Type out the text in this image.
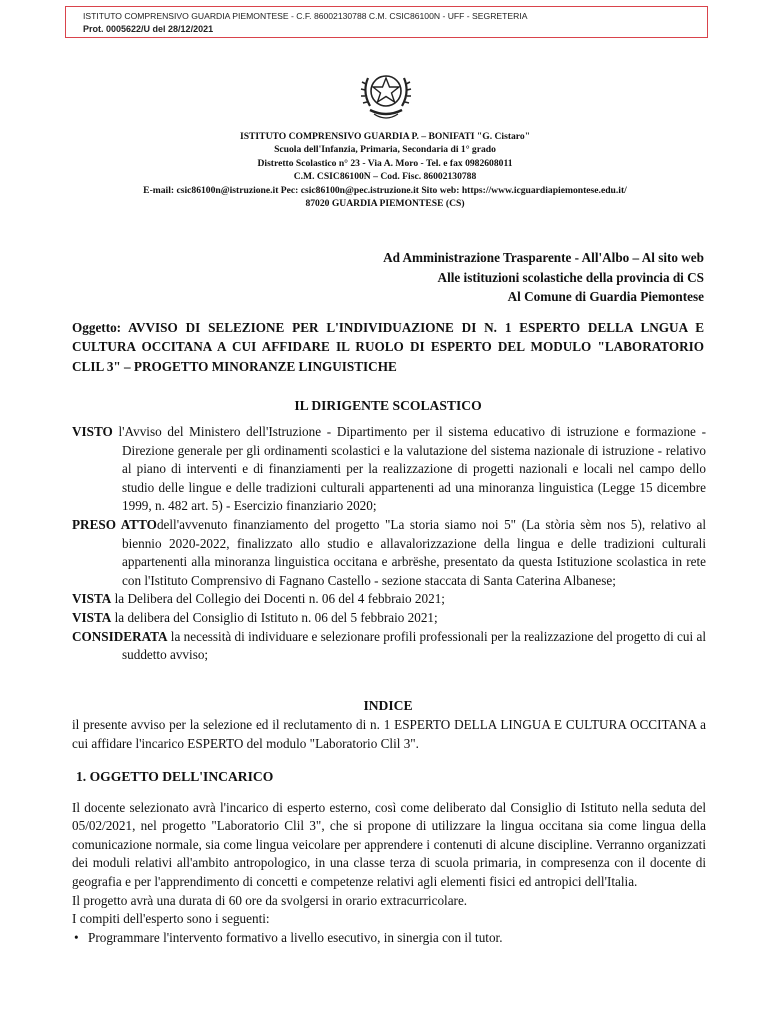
ISTITUTO COMPRENSIVO GUARDIA PIEMONTESE - C.F. 86002130788 C.M. CSIC86100N - UFF - SEGRETERIA
Prot. 0005622/U del 28/12/2021
ISTITUTO COMPRENSIVO GUARDIA P. – BONIFATI "G. Cistaro"
Scuola dell'Infanzia, Primaria, Secondaria di 1° grado
Distretto Scolastico n° 23 - Via A. Moro - Tel. e fax 0982608011
C.M. CSIC86100N – Cod. Fisc. 86002130788
E-mail: csic86100n@istruzione.it Pec: csic86100n@pec.istruzione.it Sito web: https://www.icguardiapiemontese.edu.it/
87020 GUARDIA PIEMONTESE (CS)
Ad Amministrazione Trasparente - All'Albo – Al sito web
Alle istituzioni scolastiche della provincia di CS
Al Comune di Guardia Piemontese
Oggetto: AVVISO DI SELEZIONE PER L'INDIVIDUAZIONE DI N. 1 ESPERTO DELLA LNGUA E CULTURA OCCITANA A CUI AFFIDARE IL RUOLO DI ESPERTO DEL MODULO "LABORATORIO CLIL 3" – PROGETTO MINORANZE LINGUISTICHE
IL DIRIGENTE SCOLASTICO
VISTO l'Avviso del Ministero dell'Istruzione - Dipartimento per il sistema educativo di istruzione e formazione - Direzione generale per gli ordinamenti scolastici e la valutazione del sistema nazionale di istruzione - relativo al piano di interventi e di finanziamenti per la realizzazione di progetti nazionali e locali nel campo dello studio delle lingue e delle tradizioni culturali appartenenti ad una minoranza linguistica (Legge 15 dicembre 1999, n. 482 art. 5) - Esercizio finanziario 2020;
PRESO ATTOdell'avvenuto finanziamento del progetto "La storia siamo noi 5" (La stòria sèm nos 5), relativo al biennio 2020-2022, finalizzato allo studio e allavalorizzazione della lingua e delle tradizioni culturali appartenenti alla minoranza linguistica occitana e arbrëshe, presentato da questa Istituzione scolastica in rete con l'Istituto Comprensivo di Fagnano Castello - sezione staccata di Santa Caterina Albanese;
VISTA la Delibera del Collegio dei Docenti n. 06 del 4 febbraio 2021;
VISTA la delibera del Consiglio di Istituto n. 06 del 5 febbraio 2021;
CONSIDERATA la necessità di individuare e selezionare profili professionali per la realizzazione del progetto di cui al suddetto avviso;
INDICE
il presente avviso per la selezione ed il reclutamento di n. 1 ESPERTO DELLA LINGUA E CULTURA OCCITANA a cui affidare l'incarico ESPERTO del modulo "Laboratorio Clil 3".
1. OGGETTO DELL'INCARICO
Il docente selezionato avrà l'incarico di esperto esterno, così come deliberato dal Consiglio di Istituto nella seduta del 05/02/2021, nel progetto "Laboratorio Clil 3", che si propone di utilizzare la lingua occitana sia come lingua della comunicazione normale, sia come lingua veicolare per apprendere i contenuti di alcune discipline. Verranno organizzati dei moduli relativi all'ambito antropologico, in una classe terza di scuola primaria, in compresenza con il docente di geografia e per l'apprendimento di concetti e competenze relativi agli elementi fisici ed antropici dell'Italia.
Il progetto avrà una durata di 60 ore da svolgersi in orario extracurricolare.
I compiti dell'esperto sono i seguenti:
• Programmare l'intervento formativo a livello esecutivo, in sinergia con il tutor.
